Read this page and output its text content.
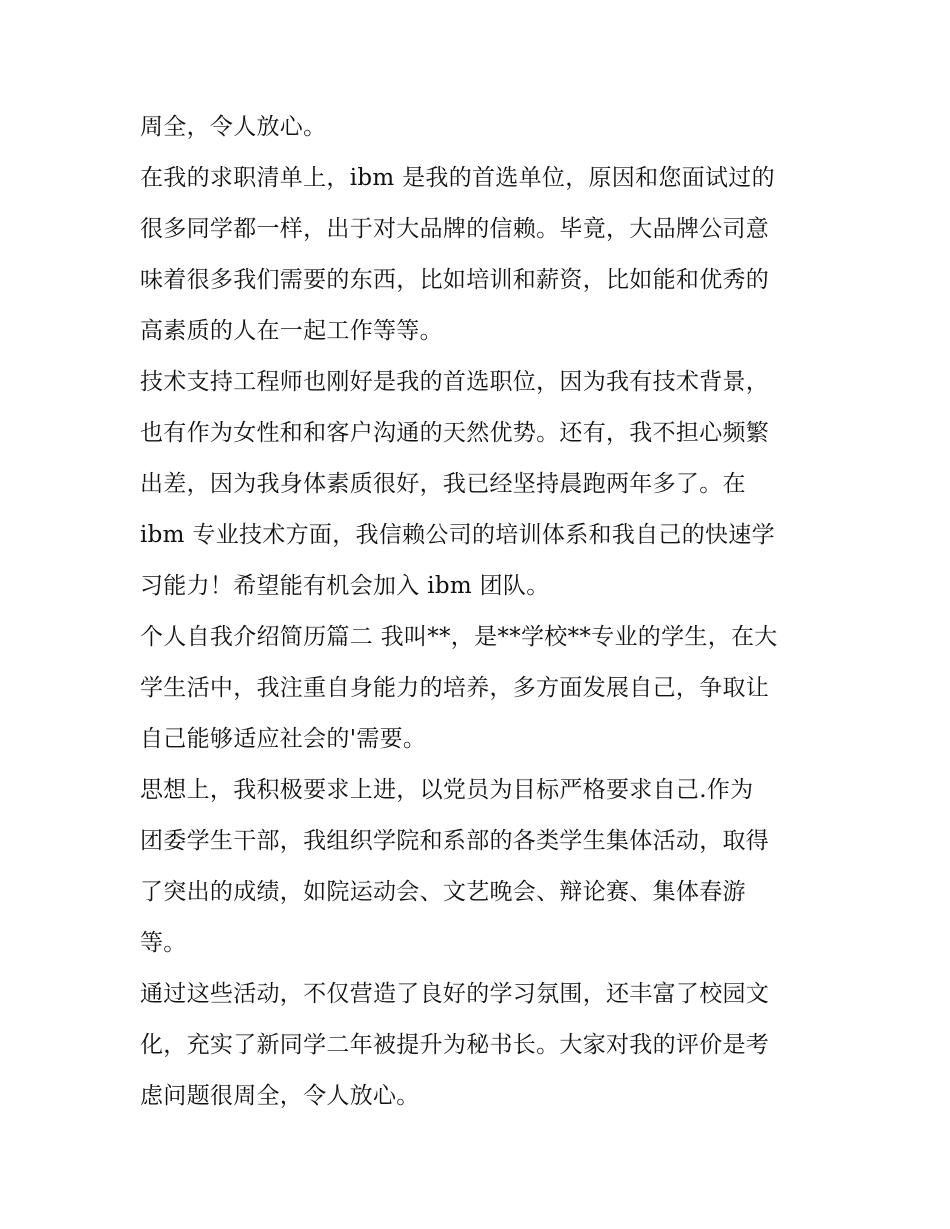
周全，令人放心。
在我的求职清单上，ibm 是我的首选单位，原因和您面试过的
很多同学都一样，出于对大品牌的信赖。毕竟，大品牌公司意
味着很多我们需要的东西，比如培训和薪资，比如能和优秀的
高素质的人在一起工作等等。
技术支持工程师也刚好是我的首选职位，因为我有技术背景，
也有作为女性和和客户沟通的天然优势。还有，我不担心频繁
出差，因为我身体素质很好，我已经坚持晨跑两年多了。在
ibm 专业技术方面，我信赖公司的培训体系和我自己的快速学
习能力！希望能有机会加入 ibm 团队。
个人自我介绍简历篇二 我叫**，是**学校**专业的学生，在大
学生活中，我注重自身能力的培养，多方面发展自己，争取让
自己能够适应社会的'需要。
思想上，我积极要求上进，以党员为目标严格要求自己.作为
团委学生干部，我组织学院和系部的各类学生集体活动，取得
了突出的成绩，如院运动会、文艺晚会、辩论赛、集体春游
等。
通过这些活动，不仅营造了良好的学习氛围，还丰富了校园文
化，充实了新同学二年被提升为秘书长。大家对我的评价是考
虑问题很周全，令人放心。
